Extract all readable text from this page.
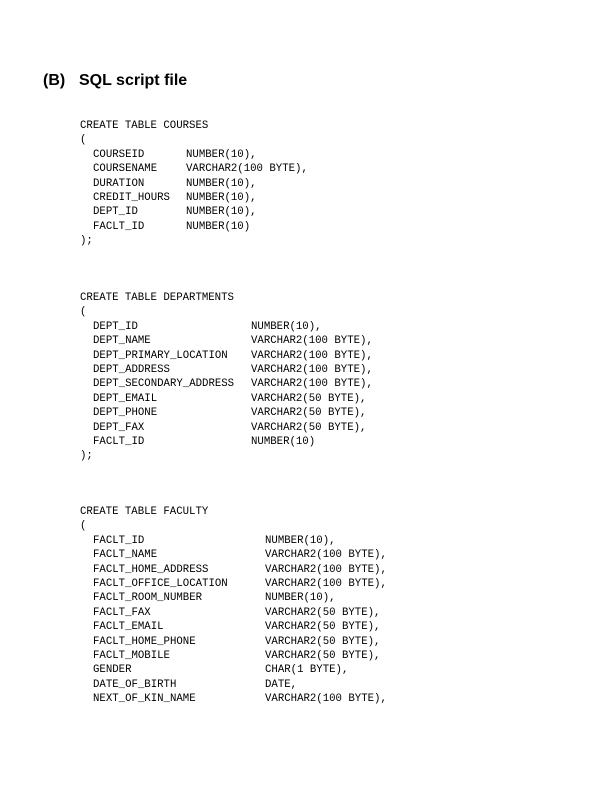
(B) SQL script file
CREATE TABLE COURSES
(
COURSEID	NUMBER(10),
COURSENAME	VARCHAR2(100 BYTE),
DURATION	NUMBER(10),
CREDIT_HOURS NUMBER(10),
DEPT_ID	NUMBER(10),
FACLT_ID	NUMBER(10)
);
CREATE TABLE DEPARTMENTS
(
DEPT_ID	NUMBER(10),
DEPT_NAME	VARCHAR2(100 BYTE),
DEPT_PRIMARY_LOCATION VARCHAR2(100 BYTE),
DEPT_ADDRESS	VARCHAR2(100 BYTE),
DEPT_SECONDARY_ADDRESS VARCHAR2(100 BYTE),
DEPT_EMAIL	VARCHAR2(50 BYTE),
DEPT_PHONE	VARCHAR2(50 BYTE),
DEPT_FAX	VARCHAR2(50 BYTE),
FACLT_ID	NUMBER(10)
);
CREATE TABLE FACULTY
(
FACLT_ID	NUMBER(10),
FACLT_NAME	VARCHAR2(100 BYTE),
FACLT_HOME_ADDRESS	VARCHAR2(100 BYTE),
FACLT_OFFICE_LOCATION	VARCHAR2(100 BYTE),
FACLT_ROOM_NUMBER	NUMBER(10),
FACLT_FAX	VARCHAR2(50 BYTE),
FACLT_EMAIL	VARCHAR2(50 BYTE),
FACLT_HOME_PHONE	VARCHAR2(50 BYTE),
FACLT_MOBILE	VARCHAR2(50 BYTE),
GENDER	CHAR(1 BYTE),
DATE_OF_BIRTH	DATE,
NEXT_OF_KIN_NAME	VARCHAR2(100 BYTE),
